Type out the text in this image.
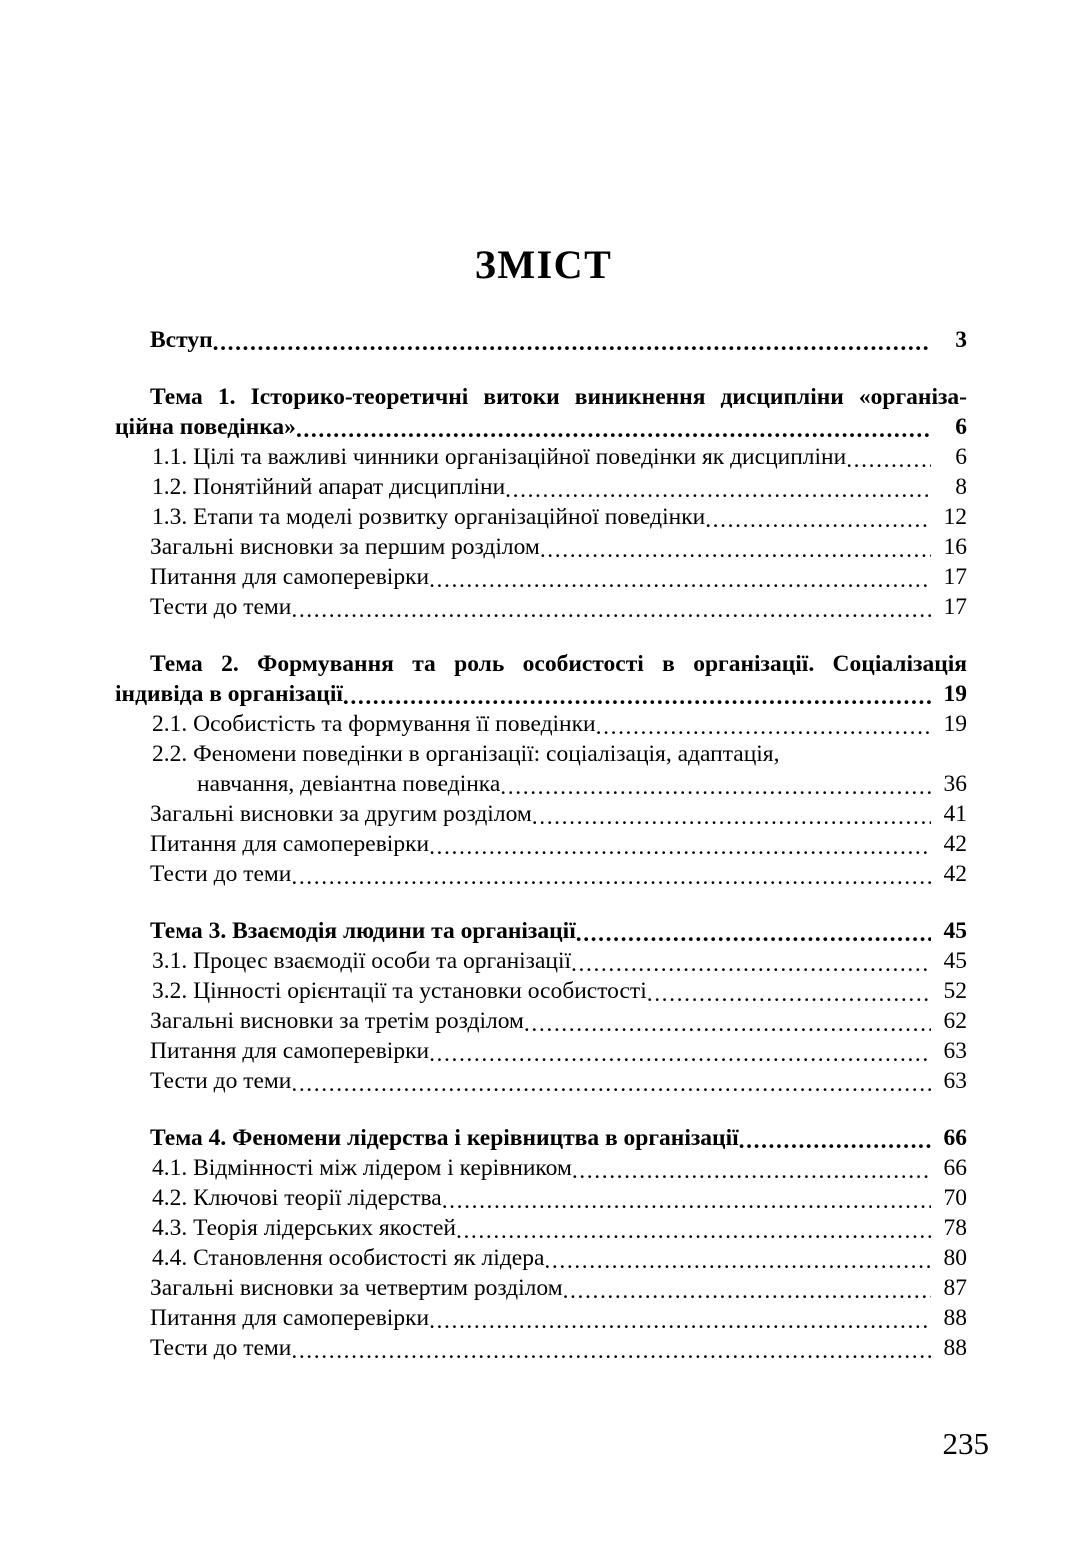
ЗМІСТ
Вступ .....	3
Тема 1. Історико-теоретичні витоки виникнення дисципліни «організа-
ційна поведінка» .....	6
1.1. Цілі та важливі чинники організаційної поведінки як дисципліни .....	6
1.2. Понятійний апарат дисципліни .....	8
1.3. Етапи та моделі розвитку організаційної поведінки .....	12
Загальні висновки за першим розділом .....	16
Питання для самоперевірки .....	17
Тести до теми .....	17
Тема 2. Формування та роль особистості в організації. Соціалізація
індивіда в організації .....	19
2.1. Особистість та формування її поведінки .....	19
2.2. Феномени поведінки в організації: соціалізація, адаптація,
навчання, девіантна поведінка .....	36
Загальні висновки за другим розділом .....	41
Питання для самоперевірки .....	42
Тести до теми .....	42
Тема 3. Взаємодія людини та організації .....	45
3.1. Процес взаємодії особи та організації .....	45
3.2. Цінності орієнтації та установки особистості .....	52
Загальні висновки за третім розділом .....	62
Питання для самоперевірки .....	63
Тести до теми .....	63
Тема 4. Феномени лідерства і керівництва в організації .....	66
4.1. Відмінності між лідером і керівником .....	66
4.2. Ключові теорії лідерства .....	70
4.3. Теорія лідерських якостей .....	78
4.4. Становлення особистості як лідера .....	80
Загальні висновки за четвертим розділом .....	87
Питання для самоперевірки .....	88
Тести до теми .....	88
235
